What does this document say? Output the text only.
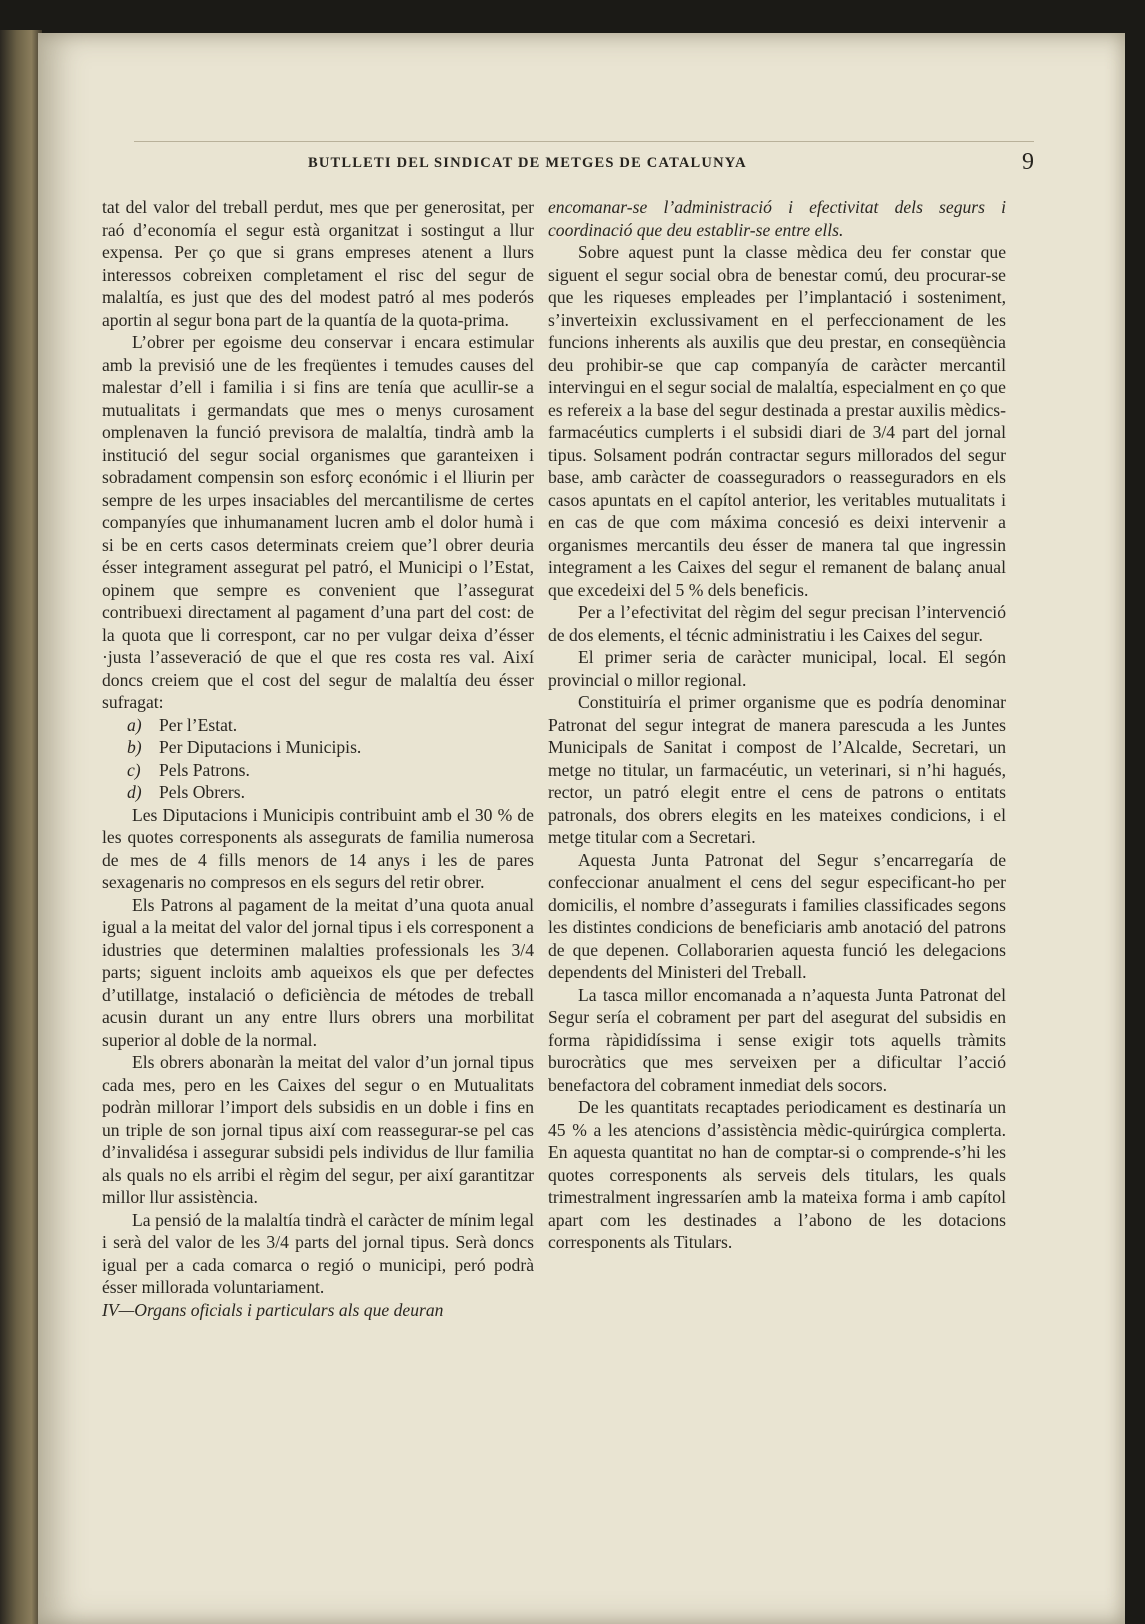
BUTLLETI DEL SINDICAT DE METGES DE CATALUNYA	9

tat del valor del treball perdut, mes que per generositat, per raó d’economía el segur està organitzat i sostingut a llur expensa. Per ço que si grans empreses atenent a llurs interessos cobreixen completament el risc del segur de malaltía, es just que des del modest patró al mes poderós aportin al segur bona part de la quantía de la quota-prima.

L’obrer per egoisme deu conservar i encara estimular amb la previsió une de les freqüentes i temudes causes del malestar d’ell i familia i si fins are tenía que acullir-se a mutualitats i germandats que mes o menys curosament omplenaven la funció previsora de malaltía, tindrà amb la institució del segur social organismes que garanteixen i sobradament compensin son esforç económic i el lliurin per sempre de les urpes insaciables del mercantilisme de certes companyíes que inhumanament lucren amb el dolor humà i si be en certs casos determinats creiem que’l obrer deuria ésser integrament assegurat pel patró, el Municipi o l’Estat, opinem que sempre es convenient que l’assegurat contribuexi directament al pagament d’una part del cost: de la quota que li correspont, car no per vulgar deixa d’ésser ·justa l’asseveració de que el que res costa res val. Així doncs creiem que el cost del segur de malaltía deu ésser sufragat:

a) Per l’Estat.

b) Per Diputacions i Municipis.

c) Pels Patrons.

d) Pels Obrers.

Les Diputacions i Municipis contribuint amb el 30 % de les quotes corresponents als assegurats de familia numerosa de mes de 4 fills menors de 14 anys i les de pares sexagenaris no compresos en els segurs del retir obrer.

Els Patrons al pagament de la meitat d’una quota anual igual a la meitat del valor del jornal tipus i els corresponent a idustries que determinen malalties professionals les 3/4 parts; siguent incloits amb aqueixos els que per defectes d’utillatge, instalació o deficiència de métodes de treball acusin durant un any entre llurs obrers una morbilitat superior al doble de la normal.

Els obrers abonaràn la meitat del valor d’un jornal tipus cada mes, pero en les Caixes del segur o en Mutualitats podràn millorar l’import dels subsidis en un doble i fins en un triple de son jornal tipus així com reassegurar-se pel cas d’invalidésa i assegurar subsidi pels individus de llur familia als quals no els arribi el règim del segur, per així garantitzar millor llur assistència.

La pensió de la malaltía tindrà el caràcter de mínim legal i serà del valor de les 3/4 parts del jornal tipus. Serà doncs igual per a cada comarca o regió o municipi, peró podrà ésser millorada voluntariament.

IV—Organs oficials i particulars als que deuran

encomanar-se l’administració i efectivitat dels segurs i coordinació que deu establir-se entre ells.

Sobre aquest punt la classe mèdica deu fer constar que siguent el segur social obra de benestar comú, deu procurar-se que les riqueses empleades per l’implantació i sosteniment, s’inverteixin exclussivament en el perfeccionament de les funcions inherents als auxilis que deu prestar, en conseqüència deu prohibir-se que cap companyía de caràcter mercantil intervingui en el segur social de malaltía, especialment en ço que es refereix a la base del segur destinada a prestar auxilis mèdics-farmacéutics cumplerts i el subsidi diari de 3/4 part del jornal tipus. Solsament podrán contractar segurs millorados del segur base, amb caràcter de coasseguradors o reasseguradors en els casos apuntats en el capítol anterior, les veritables mutualitats i en cas de que com máxima concesió es deixi intervenir a organismes mercantils deu ésser de manera tal que ingressin integrament a les Caixes del segur el remanent de balanç anual que excedeixi del 5 % dels beneficis.

Per a l’efectivitat del règim del segur precisan l’intervenció de dos elements, el técnic administratiu i les Caixes del segur.

El primer seria de caràcter municipal, local. El segón provincial o millor regional.

Constituiría el primer organisme que es podría denominar Patronat del segur integrat de manera parescuda a les Juntes Municipals de Sanitat i compost de l’Alcalde, Secretari, un metge no titular, un farmacéutic, un veterinari, si n’hi hagués, rector, un patró elegit entre el cens de patrons o entitats patronals, dos obrers elegits en les mateixes condicions, i el metge titular com a Secretari.

Aquesta Junta Patronat del Segur s’encarregaría de confeccionar anualment el cens del segur especificant-ho per domicilis, el nombre d’assegurats i families classificades segons les distintes condicions de beneficiaris amb anotació del patrons de que depenen. Collaborarien aquesta funció les delegacions dependents del Ministeri del Treball.

La tasca millor encomanada a n’aquesta Junta Patronat del Segur sería el cobrament per part del asegurat del subsidis en forma ràpididíssima i sense exigir tots aquells tràmits burocràtics que mes serveixen per a dificultar l’acció benefactora del cobrament inmediat dels socors.

De les quantitats recaptades periodicament es destinaría un 45 % a les atencions d’assistència mèdic-quirúrgica complerta. En aquesta quantitat no han de comptar-si o comprende-s’hi les quotes corresponents als serveis dels titulars, les quals trimestralment ingressaríen amb la mateixa forma i amb capítol apart com les destinades a l’abono de les dotacions corresponents als Titulars.
